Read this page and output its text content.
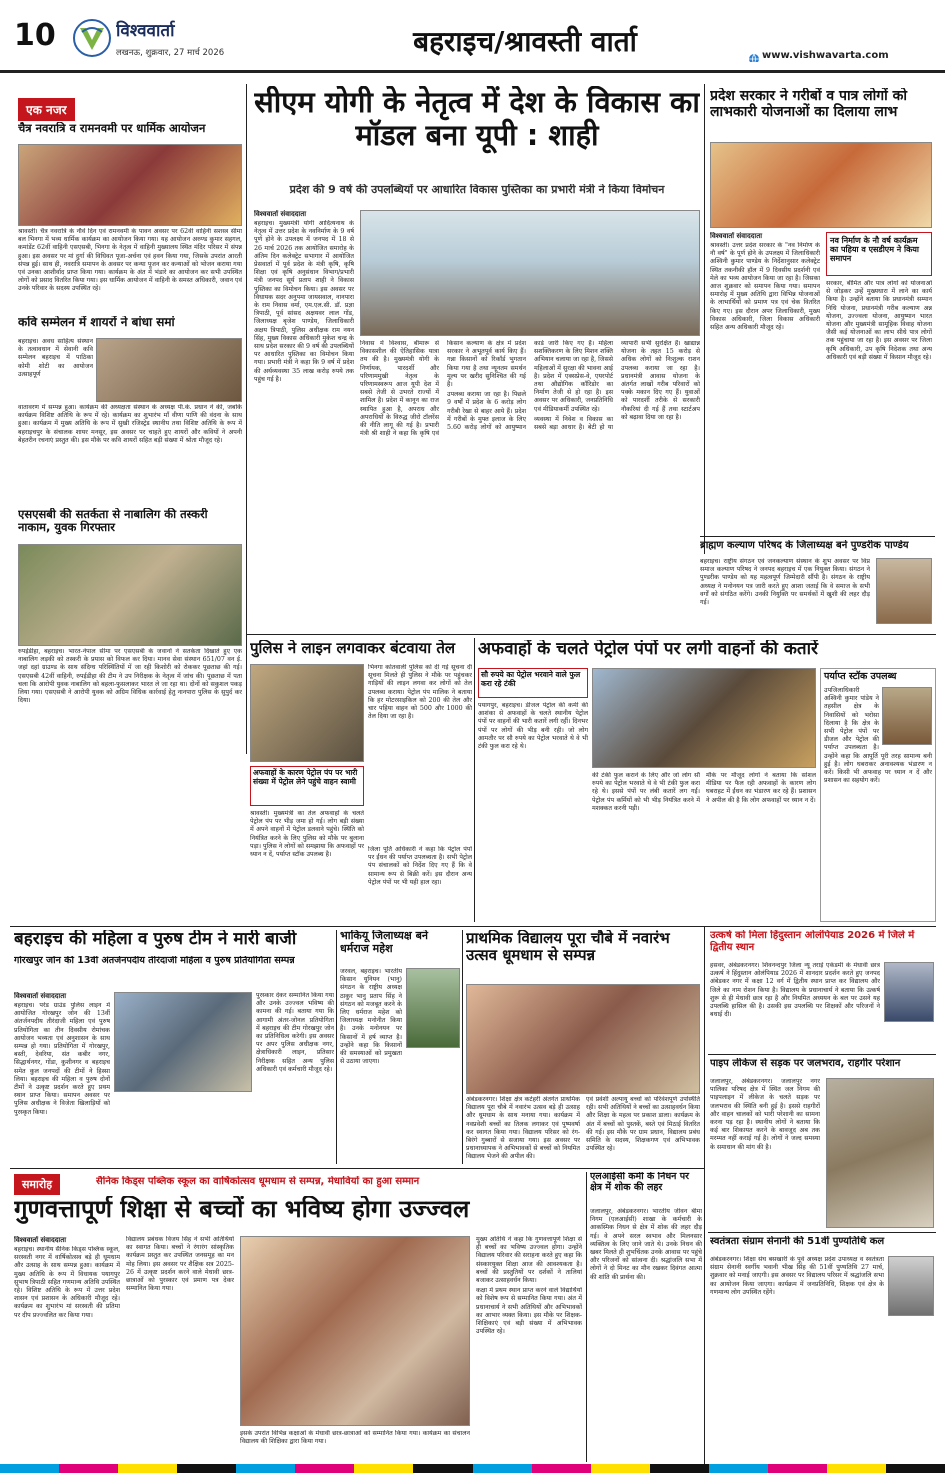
10	विश्ववार्ता
लखनऊ, शुक्रवार, 27 मार्च 2026	बहराइच/श्रावस्ती वार्ता	www.vishwavarta.com
एक नजर
चैत्र नवरात्रि व रामनवमी पर धार्मिक आयोजन
श्रावस्ती। चैत्र नवरात्रि के नौवें दिन एवं रामनवमी के पावन अवसर पर 62वीं वाहिनी सशस्त्र सीमा बल भिनगा में भव्य धार्मिक कार्यक्रम का आयोजन किया गया। यह आयोजन अरुण्ड कुमार सहगल, कमांडेंट 62वीं वाहिनी एसएसबी, भिनगा के नेतृत्व में वाहिनी मुख्यालय स्थित मंदिर परिसर में संपन्न हुआ। इस अवसर पर मां दुर्गा की विधिवत पूजा-अर्चना एवं हवन किया गया, जिसके उपरांत आरती संपन्न हुई। साथ ही, नवरात्रि समापन के अवसर पर कन्या पूजन कर कन्याओं को भोजन कराया गया एवं उनका आशीर्वाद प्राप्त किया गया। कार्यक्रम के अंत में भंडारे का आयोजन कर सभी उपस्थित लोगों को प्रसाद वितरित किया गया। इस धार्मिक आयोजन में वाहिनी के समस्त अधिकारी, जवान एवं उनके परिवार के सदस्य उपस्थित रहे।
कवि सम्मेलन में शायरों ने बांधा समां
बहराइच। अवध साहित्य संस्थान के तत्वावधान में सेवानी कवि सम्मेलन बहराइच में पाठिका कोमी शोटी का आयोजन उत्साहपूर्ण
वातावरण में सम्पन्न हुआ। कार्यक्रम की अध्यक्षता संस्थान के अध्यक्ष पी.के. प्रधान ने की, जबकि कार्यक्रम विशिष्ट अतिथि के रूप में रहे। कार्यक्रम का शुभारंभ माँ वीणा पाणि की वंदना के साथ हुआ। कार्यक्रम में मुख्य अतिथि के रूप में सुखी रजिस्ट्रेड स्थानीय तथा विशिष्ट अतिथि के रूप में बहराइचपुर के संचालक शायर मनसूर, इस अवसर पर चाहते हुए शायरों और कवियों ने अपनी बेहतरीन रचनाएं प्रस्तुत की। इस मौके पर कवि शायरों सहित बड़ी संख्या में श्रोता मौजूद रहे।
एसएसबी की सतर्कता से नाबालिग की तस्करी नाकाम, युवक गिरफ्तार
रुपईडीहा, बहराइच। भारत-नेपाल सीमा पर एसएसबी के जवानों ने सतर्कता दिखाते हुए एक नाबालिग लड़की को तस्करी के प्रयास को विफल कर दिया। मानव सेवा संस्थान 651/07 वन ई. जहां दहां ग्राउण्ड के साथ संदिग्ध परिस्थितियों में जा रही किशोरी को रोककर पूछताछ की गई। एसएसबी 42वीं वाहिनी, रुपईडीहा की टीम ने उप निरीक्षक के नेतृत्व में जांच की। पूछताछ में पता चला कि आरोपी युवक नाबालिग को बहला-फुसलाकर भारत ले जा रहा था। दोनों को सकुशल पकड़ लिया गया। एसएसबी ने आरोपी युवक को अग्रिम विधिक कार्रवाई हेतु नानपारा पुलिस के सुपुर्द कर दिया।
सीएम योगी के नेतृत्व में देश के विकास का मॉडल बना यूपी : शाही
प्रदेश की 9 वर्ष की उपलब्धियों पर आधारित विकास पुस्तिका का प्रभारी मंत्री ने किया विमोचन
विश्ववार्ता संवाददाता
बहराइच। मुख्यमंत्री योगी आदित्यनाथ के नेतृत्व में उत्तर प्रदेश के नवनिर्माण के 9 वर्ष पूर्ण होने के उपलक्ष्य में जनपद में 18 से 26 मार्च 2026 तक आयोजित समारोह के अंतिम दिन कलेक्ट्रेट सभागार में आयोजित प्रेसवार्ता में पूर्व प्रदेश के मंत्री कृषि, कृषि शिक्षा एवं कृषि अनुसंधान विभाग/प्रभारी मंत्री जनपद सूर्य प्रताप शाही ने विकास पुस्तिका का विमोचन किया। इस अवसर पर विधायक सदर अनुपमा जायसवाल, नानपारा के राम निवास वर्मा, एम.एल.सी. डॉ. प्रज्ञा त्रिपाठी, पूर्व सांसद अक्षयवर लाल गोंड, जिलाध्यक्ष बृजेश पाण्डेय, जिलाधिकारी अक्षय त्रिपाठी, पुलिस अधीक्षक राम नयन सिंह, मुख्य विकास अधिकारी मुकेश चन्द्र के साथ प्रदेश सरकार की 9 वर्ष की उपलब्धियों पर आधारित पुस्तिका का विमोचन किया गया। प्रभारी मंत्री ने कहा कि 9 वर्ष में प्रदेश की अर्थव्यवस्था 35 लाख करोड़ रुपये तक पहुंच गई है।

निवास में विश्वास, बीमारू से विकासशील की ऐतिहासिक यात्रा तय की है। मुख्यमंत्री योगी के निर्णायक, पारदर्शी और परिणाममुखी नेतृत्व के परिणामस्वरूप आज यूपी देश में सबसे तेजी से उभरते राज्यों में शामिल है। प्रदेश में कानून का राज स्थापित हुआ है, अपराध और अपराधियों के विरुद्ध जीरो टॉलरेंस की नीति लागू की गई है। प्रभारी मंत्री श्री शाही ने कहा कि कृषि एवं किसान कल्याण के क्षेत्र में प्रदेश सरकार ने अभूतपूर्व कार्य किए हैं। गन्ना किसानों को रिकॉर्ड भुगतान किया गया है तथा न्यूनतम समर्थन मूल्य पर खरीद सुनिश्चित की गई है।

उपलब्ध कराया जा रहा है। पिछले 9 वर्षों में प्रदेश के 6 करोड़ लोग गरीबी रेखा से बाहर आये हैं। प्रदेश में गरीबों के मुफ्त इलाज के लिए 5.60 करोड़ लोगों को आयुष्मान कार्ड जारी किए गए हैं। महिला सशक्तिकरण के लिए मिशन शक्ति अभियान चलाया जा रहा है, जिससे महिलाओं में सुरक्षा की भावना आई है। प्रदेश में एक्सप्रेस-वे, एयरपोर्ट तथा औद्योगिक कॉरिडोर का निर्माण तेजी से हो रहा है। इस अवसर पर अधिकारी, जनप्रतिनिधि एवं मीडियाकर्मी उपस्थित रहे।

व्यवस्था में निवेश व विकास का सबसे बड़ा आधार है। बेटी हो या व्यापारी सभी सुरक्षित हैं। खाद्यान्न योजना के तहत 15 करोड़ से अधिक लोगों को निःशुल्क राशन उपलब्ध कराया जा रहा है। प्रधानमंत्री आवास योजना के अंतर्गत लाखों गरीब परिवारों को पक्के मकान दिए गए हैं। युवाओं को पारदर्शी तरीके से सरकारी नौकरियां दी गई हैं तथा स्टार्टअप को बढ़ावा दिया जा रहा है।

प्रदेश सरकार ने गरीबों व पात्र लोगों को लाभकारी योजनाओं का दिलाया लाभ
विश्ववार्ता संवाददाता
श्रावस्ती। उत्तर प्रदेश सरकार के "नव निर्माण के नौ वर्ष" के पूर्ण होने के उपलक्ष्य में जिलाधिकारी अश्विनी कुमार पाण्डेय के निर्देशानुसार कलेक्ट्रेट स्थित तकनीकी हॉल में 9 दिवसीय प्रदर्शनी एवं मेले का भव्य आयोजन किया जा रहा है। जिसका आज शुक्रवार को समापन किया गया। समापन समारोह में मुख्य अतिथि द्वारा विभिन्न योजनाओं के लाभार्थियों को प्रमाण पत्र एवं चेक वितरित किए गए। इस दौरान अपर जिलाधिकारी, मुख्य विकास अधिकारी, जिला विकास अधिकारी सहित अन्य अधिकारी मौजूद रहे।
नव निर्माण के नौ वर्ष कार्यक्रम का पहिया व एसडीएम ने किया समापन
सरकार, बीमित और पात्र लोगों को योजनाओं से जोड़कर उन्हें मुख्यधारा में लाने का कार्य किया है। उन्होंने बताया कि प्रधानमंत्री सम्मान निधि योजना, प्रधानमंत्री गरीब कल्याण अन्न योजना, उज्ज्वला योजना, आयुष्मान भारत योजना और मुख्यमंत्री सामूहिक विवाह योजना जैसी कई योजनाओं का लाभ सीधे पात्र लोगों तक पहुंचाया जा रहा है। इस अवसर पर जिला कृषि अधिकारी, उप कृषि निदेशक तथा अन्य अधिकारी एवं बड़ी संख्या में किसान मौजूद रहे।
ब्राह्मण कल्याण परिषद के जिलाध्यक्ष बने पुण्डरीक पाण्डेय
बहराइच। राष्ट्रीय संगठन एवं जनकल्याण संस्थान के शुभ अवसर पर विप्र समाज कल्याण परिषद ने जनपद बहराइच में एक नियुक्त किया। संगठन ने पुण्डरीक पाण्डेय को यह महत्वपूर्ण जिम्मेदारी सौंपी है। संगठन के राष्ट्रीय अध्यक्ष ने मनोनयन पत्र जारी करते हुए आशा जताई कि वे समाज के सभी वर्गों को संगठित करेंगे। उनकी नियुक्ति पर समर्थकों में खुशी की लहर दौड़ गई।
पुलिस ने लाइन लगवाकर बंटवाया तेल
भिनगा कोतवाली पुलिस को दी गई सूचना दी सूचना मिलते ही पुलिस ने मौके पर पहुंचकर गाड़ियों की लाइन लगवा कर लोगों को तेल उपलब्ध कराया। पेट्रोल पंप मालिक ने बताया कि हर मोटरसाइकिल को 200 की तेल और चार पहिया वाहन को 500 और 1000 की तेल दिया जा रहा है।
अफवाहों के कारण पेट्रोल पंप पर भारी संख्या में पेट्रोल लेने पहुंचे वाहन स्वामी
श्रावस्ती। मुख्यमंत्री का तेल अफवाहों के चलते पेट्रोल पंप पर भीड़ जमा हो गई। लोग बड़ी संख्या में अपने वाहनों में पेट्रोल डलवाने पहुंचे। स्थिति को नियंत्रित करने के लिए पुलिस को मौके पर बुलाना पड़ा। पुलिस ने लोगों को समझाया कि अफवाहों पर ध्यान न दें, पर्याप्त स्टॉक उपलब्ध है।
जिला पूर्ति अधिकारी ने कहा कि पेट्रोल पंपों पर ईंधन की पर्याप्त उपलब्धता है। सभी पेट्रोल पंप संचालकों को निर्देश दिए गए हैं कि वे सामान्य रूप से बिक्री करें। इस दौरान अन्य पेट्रोल पंपों पर भी यही हाल रहा।
अफवाहों के चलते पेट्रोल पंपों पर लगी वाहनों की कतारें
सौ रुपये का पेट्रोल भरवाने वाले फुल करा रहे टंकी
पयागपुर, बहराइच। डीजल पेट्रोल की कमी की आशंका से अफवाहों के चलते स्थानीय पेट्रोल पंपों पर वाहनों की भारी कतारें लगी रहीं। दिनभर पंपों पर लोगों की भीड़ बनी रही। जो लोग आमतौर पर सौ रुपये का पेट्रोल भरवाते थे वे भी टंकी फुल करा रहे थे।
की टंकी फुल कराने के लिए और जो लोग सौ रुपये का पेट्रोल भरवाते थे वे भी टंकी फुल करा रहे थे। इससे पंपों पर लंबी कतारें लग गईं। पेट्रोल पंप कर्मियों को भी भीड़ नियंत्रित करने में मशक्कत करनी पड़ी।
मौके पर मौजूद लोगों ने बताया कि सोशल मीडिया पर फैल रही अफवाहों के कारण लोग घबराहट में ईंधन का भंडारण कर रहे हैं। प्रशासन ने अपील की है कि लोग अफवाहों पर ध्यान न दें।
पर्याप्त स्टॉक उपलब्ध
उपजिलाधिकारी अश्विनी कुमार पांडेय ने तहसील क्षेत्र के निवासियों को भरोसा दिलाया है कि क्षेत्र के सभी पेट्रोल पंपों पर डीजल और पेट्रोल की पर्याप्त उपलब्धता है। उन्होंने कहा कि आपूर्ति पूरी तरह सामान्य बनी हुई है। लोग घबराकर अनावश्यक भंडारण न करें। किसी भी अफवाह पर ध्यान न दें और प्रशासन का सहयोग करें।
बहराइच की महिला व पुरुष टीम ने मारी बाजी
गोरखपुर जोन की 13वीं अंतर्जनपदीय तीरंदाजी महिला व पुरुष प्रतियोगिता सम्पन्न
विश्ववार्ता संवाददाता
बहराइच। परेड ग्राउंड पुलिस लाइन में आयोजित गोरखपुर जोन की 13वीं अंतर्जनपदीय तीरंदाजी महिला एवं पुरुष प्रतियोगिता का तीन दिवसीय रोमांचक आयोजन भव्यता एवं अनुशासन के साथ सम्पन्न हो गया। प्रतियोगिता में गोरखपुर, बस्ती, देवरिया, संत कबीर नगर, सिद्धार्थनगर, गोंडा, कुशीनगर व बहराइच समेत कुल जनपदों की टीमों ने हिस्सा लिया। बहराइच की महिला व पुरुष दोनों टीमों ने उत्कृष्ट प्रदर्शन करते हुए प्रथम स्थान प्राप्त किया। समापन अवसर पर पुलिस अधीक्षक ने विजेता खिलाड़ियों को पुरस्कृत किया।
पुरस्कार देकर सम्मानित किया गया और उनके उज्ज्वल भविष्य की कामना की गई। बताया गया कि आगामी अंतर-जोनल प्रतियोगिता में बहराइच की टीम गोरखपुर जोन का प्रतिनिधित्व करेगी। इस अवसर पर अपर पुलिस अधीक्षक नगर, क्षेत्राधिकारी लाइन, प्रतिसार निरीक्षक सहित अन्य पुलिस अधिकारी एवं कर्मचारी मौजूद रहे।
भाकियू जिलाध्यक्ष बने धर्मराज महेश
जरवल, बहराइच। भारतीय किसान यूनियन (भानु) संगठन के राष्ट्रीय अध्यक्ष ठाकुर भानु प्रताप सिंह ने संगठन को मजबूत करने के लिए धर्मराज महेश को जिलाध्यक्ष मनोनीत किया है। उनके मनोनयन पर किसानों में हर्ष व्याप्त है। उन्होंने कहा कि किसानों की समस्याओं को प्रमुखता से उठाया जाएगा।
प्राथमिक विद्यालय पूरा चौबे में नवारंभ उत्सव धूमधाम से सम्पन्न
अंबेडकरनगर। शिक्षा क्षेत्र कटेहरी अंतर्गत प्राथमिक विद्यालय पूरा चौबे में नवारंभ उत्सव बड़े ही उत्साह और धूमधाम के साथ मनाया गया। कार्यक्रम में नवप्रवेशी बच्चों का तिलक लगाकर एवं पुष्पवर्षा कर स्वागत किया गया। विद्यालय परिसर को रंग-बिरंगे गुब्बारों से सजाया गया। इस अवसर पर प्रधानाध्यापक ने अभिभावकों से बच्चों को नियमित विद्यालय भेजने की अपील की।
एवं प्रवेशी अल्पायु बच्चों को परिवेशपूर्ण उपस्थिति रही। सभी अतिथियों ने बच्चों का उत्साहवर्धन किया और शिक्षा के महत्व पर प्रकाश डाला। कार्यक्रम के अंत में बच्चों को पुस्तकें, बस्ते एवं मिठाई वितरित की गई। इस मौके पर ग्राम प्रधान, विद्यालय प्रबंध समिति के सदस्य, शिक्षकगण एवं अभिभावक उपस्थित रहे।
उत्कर्ष को मिला हिंदुस्तान ओलंपियाड 2026 में जिले में द्वितीय स्थान
हसवर, अंबेडकरनगर। शिवनन्दपुर जिला न्यू तराई एकेडमी के मेधावी छात्र उत्कर्ष ने हिंदुस्तान ओलंपियाड 2026 में शानदार प्रदर्शन करते हुए जनपद अंबेडकर नगर में कक्षा 12 वर्ग में द्वितीय स्थान प्राप्त कर विद्यालय और जिले का नाम रोशन किया है। विद्यालय के प्रधानाचार्य ने बताया कि उत्कर्ष शुरू से ही मेधावी छात्र रहा है और नियमित अध्ययन के बल पर उसने यह उपलब्धि हासिल की है। उसकी इस उपलब्धि पर शिक्षकों और परिजनों ने बधाई दी।
पाइप लीकेज से सड़क पर जलभराव, राहगीर परेशान
जलालपुर, अंबेडकरनगर। जलालपुर नगर पालिका परिषद क्षेत्र में स्थित जल निगम की पाइपलाइन में लीकेज के चलते सड़क पर जलभराव की स्थिति बनी हुई है। इससे राहगीरों और वाहन चालकों को भारी परेशानी का सामना करना पड़ रहा है। स्थानीय लोगों ने बताया कि कई बार शिकायत करने के बावजूद अब तक मरम्मत नहीं कराई गई है। लोगों ने जल्द समस्या के समाधान की मांग की है।
स्वतंत्रता संग्राम सेनानी की 51वीं पुण्यतिथि कल
अंबेडकरनगर। शिक्षा संघ बसखारी के पूर्व अध्यक्ष प्रदेश उपाध्यक्ष व स्वतंत्रता संग्राम सेनानी स्वर्गीय भवानी भीख सिंह की 51वीं पुण्यतिथि 27 मार्च, शुक्रवार को मनाई जाएगी। इस अवसर पर विद्यालय परिसर में श्रद्धांजलि सभा का आयोजन किया जाएगा। कार्यक्रम में जनप्रतिनिधि, शिक्षक एवं क्षेत्र के गणमान्य लोग उपस्थित रहेंगे।
समारोह	सैनिक किड्स पब्लिक स्कूल का वार्षिकोत्सव धूमधाम से सम्पन्न, मेधावियों का हुआ सम्मान
गुणवत्तापूर्ण शिक्षा से बच्चों का भविष्य होगा उज्ज्वल
विश्ववार्ता संवाददाता
बहराइच। स्थानीय सैनिक किड्स पब्लिक स्कूल, सरस्वती नगर में वार्षिकोत्सव बड़े ही धूमधाम और उत्साह के साथ सम्पन्न हुआ। कार्यक्रम में मुख्य अतिथि के रूप में विधायक पयागपुर सुभाष त्रिपाठी सहित गणमान्य अतिथि उपस्थित रहे। विशिष्ट अतिथि के रूप में उत्तर प्रदेश शासन एवं प्रशासन के अधिकारी मौजूद रहे। कार्यक्रम का शुभारंभ मां सरस्वती की प्रतिमा पर दीप प्रज्ज्वलित कर किया गया।
विद्यालय प्रबंधक विजय सिंह ने सभी अतिथियों का स्वागत किया। बच्चों ने रंगारंग सांस्कृतिक कार्यक्रम प्रस्तुत कर उपस्थित जनसमूह का मन मोह लिया। इस अवसर पर शैक्षिक सत्र 2025-26 में उत्कृष्ट प्रदर्शन करने वाले मेधावी छात्र-छात्राओं को पुरस्कार एवं प्रमाण पत्र देकर सम्मानित किया गया।
इसके उपरांत विभिन्न कक्षाओं के मेधावी छात्र-छात्राओं को सम्मानित किया गया। कार्यक्रम का संचालन विद्यालय की शिक्षिका द्वारा किया गया।
मुख्य अतिथि ने कहा कि गुणवत्तापूर्ण शिक्षा से ही बच्चों का भविष्य उज्ज्वल होगा। उन्होंने विद्यालय परिवार की सराहना करते हुए कहा कि संस्कारयुक्त शिक्षा आज की आवश्यकता है। बच्चों की प्रस्तुतियों पर दर्शकों ने तालियां बजाकर उत्साहवर्धन किया।
कक्षा में प्रथम स्थान प्राप्त करने वाले विद्यार्थियों को विशेष रूप से सम्मानित किया गया। अंत में प्रधानाचार्य ने सभी अतिथियों और अभिभावकों का आभार व्यक्त किया। इस मौके पर शिक्षक-शिक्षिकाएं एवं बड़ी संख्या में अभिभावक उपस्थित रहे।
एलआईसी कर्मी के निधन पर क्षेत्र में शोक की लहर
जलालपुर, अंबेडकरनगर। भारतीय जीवन बीमा निगम (एलआईसी) शाखा के कर्मचारी के आकस्मिक निधन से क्षेत्र में शोक की लहर दौड़ गई। वे अपने सरल स्वभाव और मिलनसार व्यक्तित्व के लिए जाने जाते थे। उनके निधन की खबर मिलते ही शुभचिंतक उनके आवास पर पहुंचे और परिजनों को सांत्वना दी। श्रद्धांजलि सभा में लोगों ने दो मिनट का मौन रखकर दिवंगत आत्मा की शांति की प्रार्थना की।
